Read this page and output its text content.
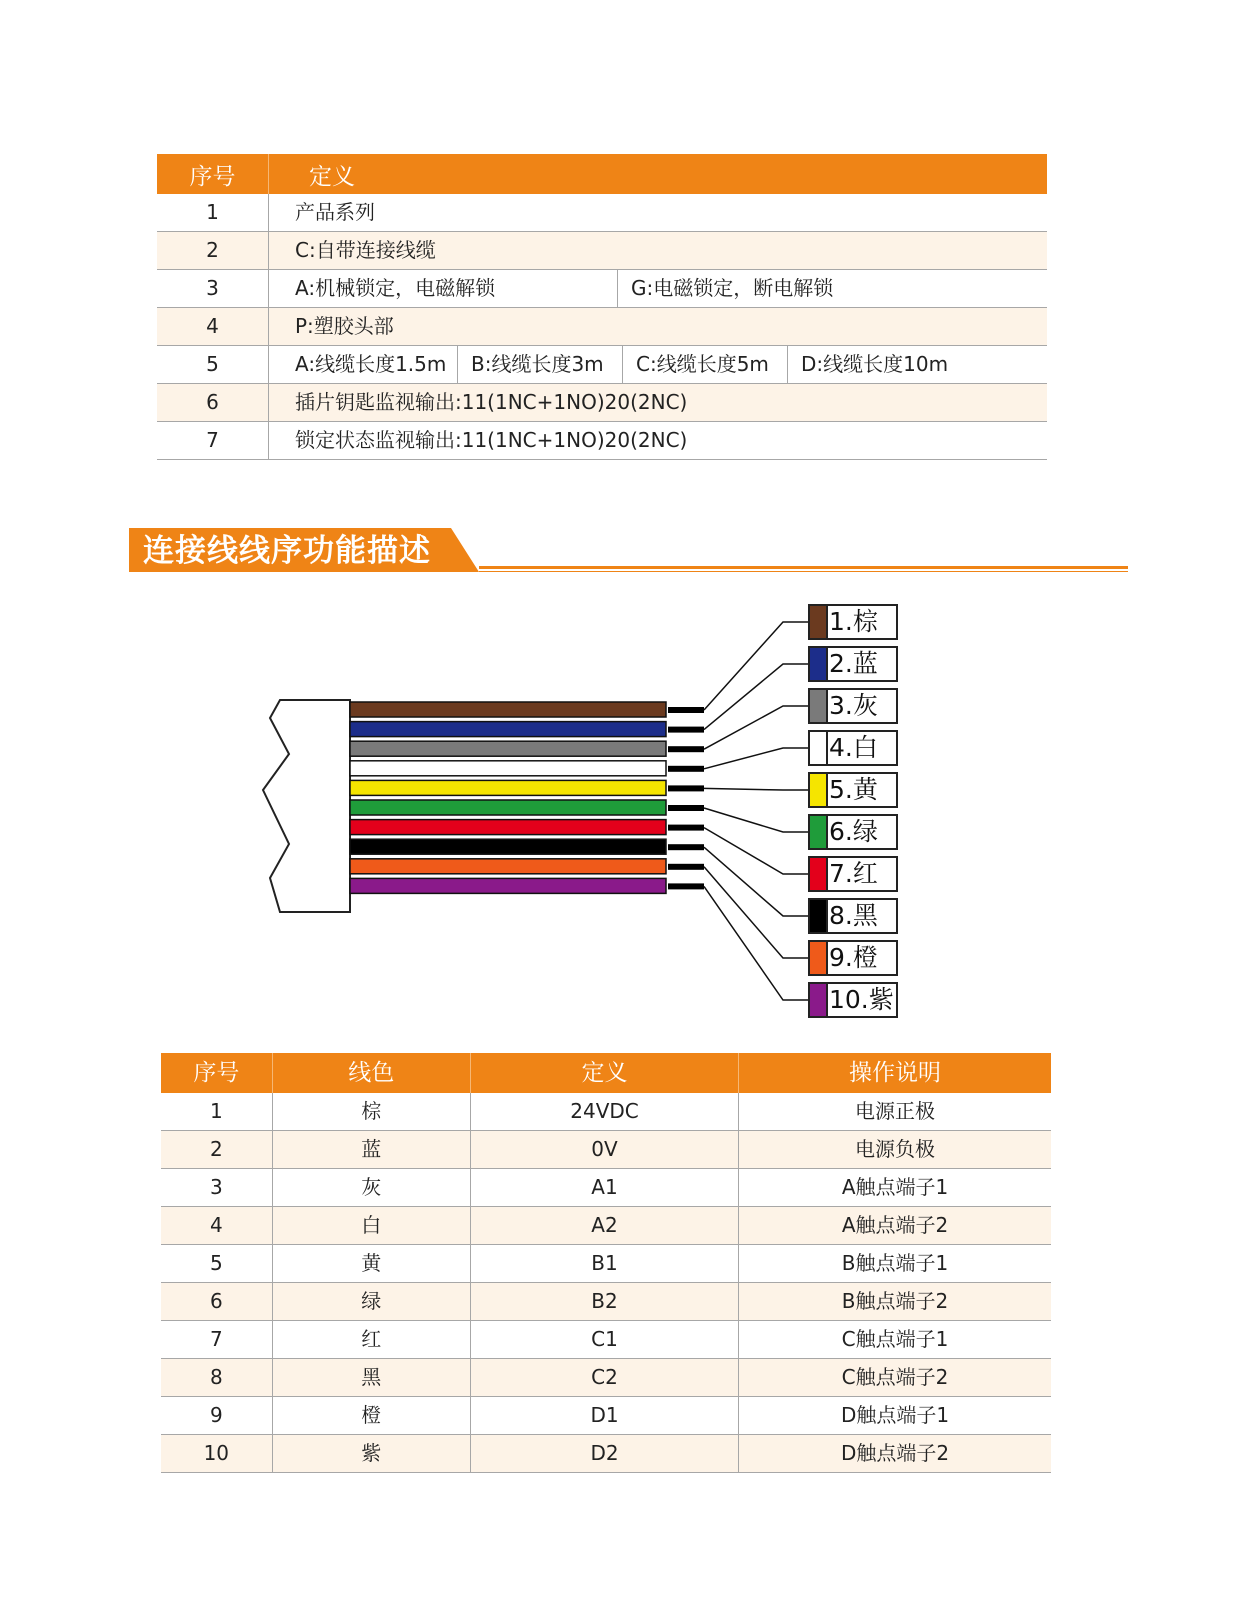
序号	定义
1	产品系列
2	C:自带连接线缆
3	A:机械锁定，电磁解锁	G:电磁锁定，断电解锁
4	P:塑胶头部
5	A:线缆长度1.5m	B:线缆长度3m	C:线缆长度5m	D:线缆长度10m
6	插片钥匙监视输出:11(1NC+1NO)20(2NC)
7	锁定状态监视输出:11(1NC+1NO)20(2NC)
连接线线序功能描述
1.棕
2.蓝
3.灰
4.白
5.黄
6.绿
7.红
8.黑
9.橙
10.紫
序号	线色	定义	操作说明
1	棕	24VDC	电源正极
2	蓝	0V	电源负极
3	灰	A1	A触点端子1
4	白	A2	A触点端子2
5	黄	B1	B触点端子1
6	绿	B2	B触点端子2
7	红	C1	C触点端子1
8	黑	C2	C触点端子2
9	橙	D1	D触点端子1
10	紫	D2	D触点端子2
